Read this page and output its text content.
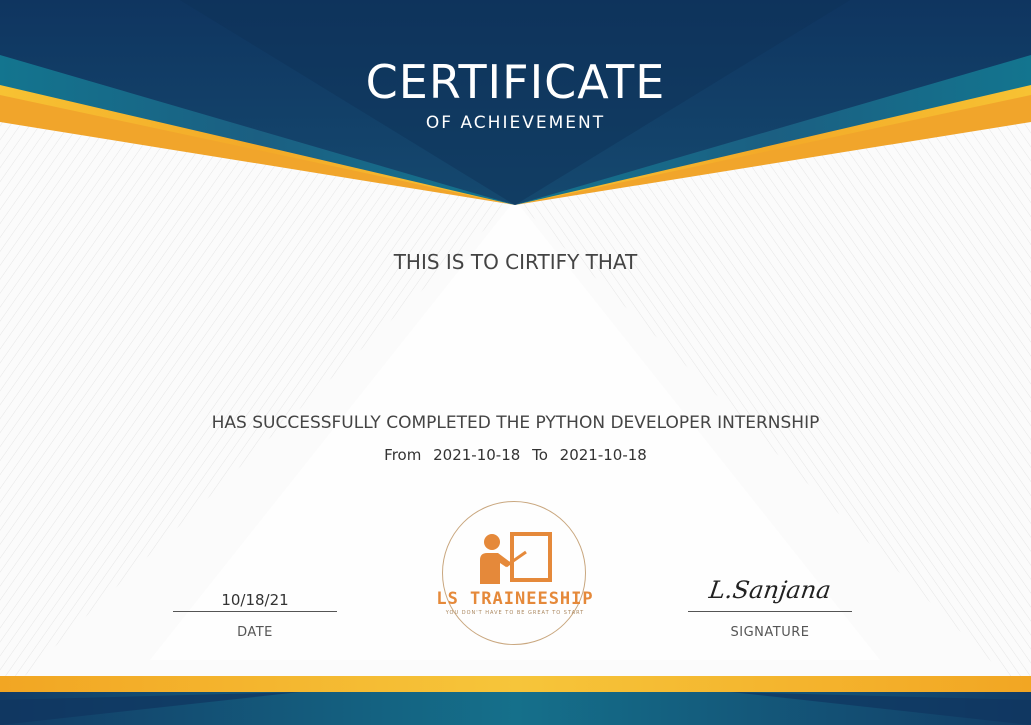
CERTIFICATE
OF ACHIEVEMENT
THIS IS TO CIRTIFY THAT
HAS SUCCESSFULLY COMPLETED THE PYTHON DEVELOPER INTERNSHIP
From 2021-10-18 To 2021-10-18
10/18/21
DATE
LS TRAINEESHIP
YOU DON'T HAVE TO BE GREAT TO START
L.Sanjana
SIGNATURE
